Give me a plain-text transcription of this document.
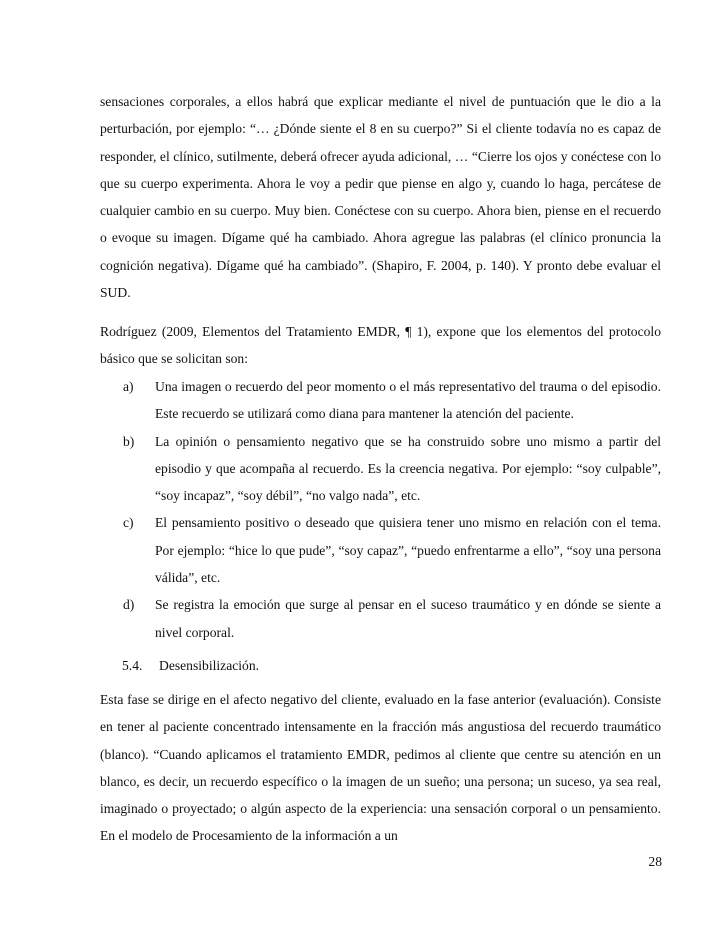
sensaciones corporales, a ellos habrá que explicar mediante el nivel de puntuación que le dio a la perturbación, por ejemplo: “… ¿Dónde siente el 8 en su cuerpo?” Si el cliente todavía no es capaz de responder, el clínico, sutilmente, deberá ofrecer ayuda adicional, … “Cierre los ojos y conéctese con lo que su cuerpo experimenta. Ahora le voy a pedir que piense en algo y, cuando lo haga, percátese de cualquier cambio en su cuerpo. Muy bien. Conéctese con su cuerpo. Ahora bien, piense en el recuerdo o evoque su imagen. Dígame qué ha cambiado. Ahora agregue las palabras (el clínico pronuncia la cognición negativa). Dígame qué ha cambiado”. (Shapiro, F. 2004, p. 140). Y pronto debe evaluar el SUD.

Rodríguez (2009, Elementos del Tratamiento EMDR, ¶ 1), expone que los elementos del protocolo básico que se solicitan son:

a)	Una imagen o recuerdo del peor momento o el más representativo del trauma o del episodio. Este recuerdo se utilizará como diana para mantener la atención del paciente.
b)	La opinión o pensamiento negativo que se ha construido sobre uno mismo a partir del episodio y que acompaña al recuerdo. Es la creencia negativa. Por ejemplo: “soy culpable”, “soy incapaz”, “soy débil”, “no valgo nada”, etc.
c)	El pensamiento positivo o deseado que quisiera tener uno mismo en relación con el tema. Por ejemplo: “hice lo que pude”, “soy capaz”, “puedo enfrentarme a ello”, “soy una persona válida”, etc.
d)	Se registra la emoción que surge al pensar en el suceso traumático y en dónde se siente a nivel corporal.
5.4. Desensibilización.

Esta fase se dirige en el afecto negativo del cliente, evaluado en la fase anterior (evaluación). Consiste en tener al paciente concentrado intensamente en la fracción más angustiosa del recuerdo traumático (blanco). “Cuando aplicamos el tratamiento EMDR, pedimos al cliente que centre su atención en un blanco, es decir, un recuerdo específico o la imagen de un sueño; una persona; un suceso, ya sea real, imaginado o proyectado; o algún aspecto de la experiencia: una sensación corporal o un pensamiento. En el modelo de Procesamiento de la información a un

28
